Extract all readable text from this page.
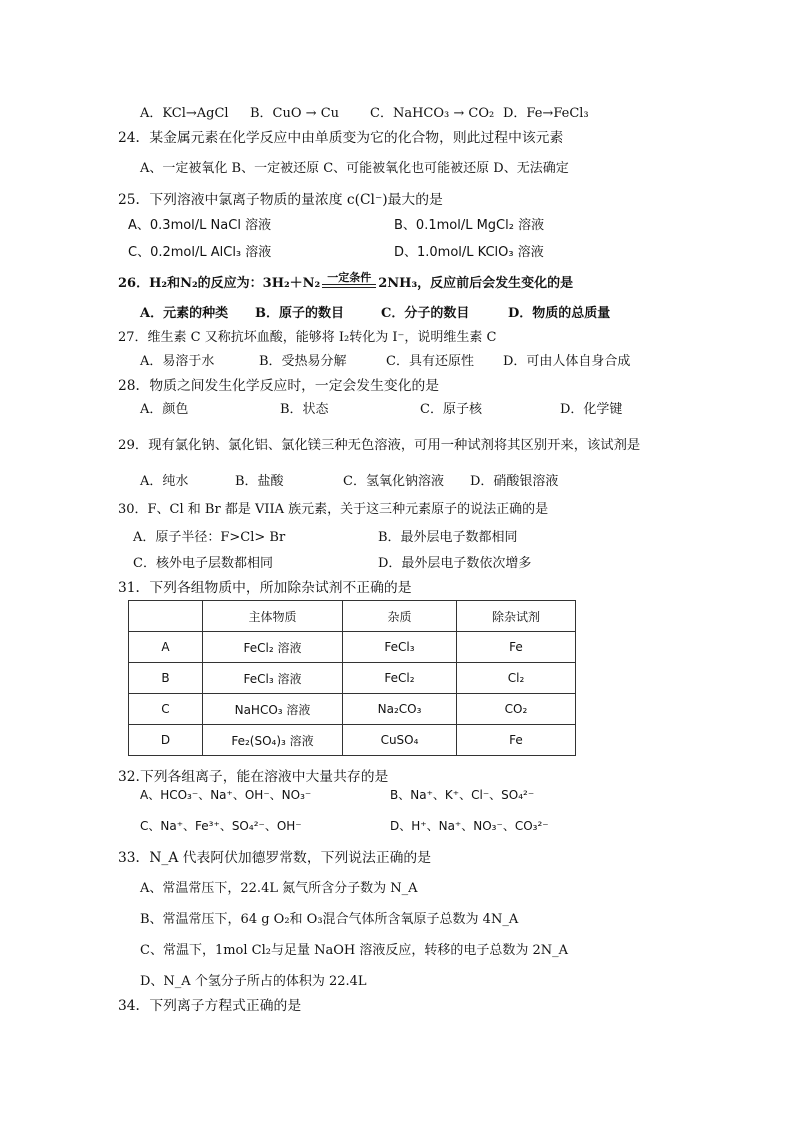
A．KCl→AgCl B．CuO → Cu C．NaHCO₃ → CO₂ D．Fe→FeCl₃
24．某金属元素在化学反应中由单质变为它的化合物，则此过程中该元素
A、一定被氧化 B、一定被还原 C、可能被氧化也可能被还原 D、无法确定
25．下列溶液中氯离子物质的量浓度 c(Cl⁻)最大的是
A、0.3mol/L NaCl 溶液	B、0.1mol/L MgCl₂ 溶液
C、0.2mol/L AlCl₃ 溶液	D、1.0mol/L KClO₃ 溶液
26．H₂和N₂的反应为：3H₂＋N₂ 一定条件 2NH₃，反应前后会发生变化的是
A．元素的种类 B．原子的数目	C．分子的数目	D．物质的总质量
27．维生素 C 又称抗坏血酸，能够将 I₂转化为 I⁻，说明维生素 C
A．易溶于水	B．受热易分解	C．具有还原性 D．可由人体自身合成
28．物质之间发生化学反应时，一定会发生变化的是
A．颜色	B．状态	C．原子核	D．化学键
29．现有氯化钠、氯化铝、氯化镁三种无色溶液，可用一种试剂将其区别开来，该试剂是
A．纯水	B．盐酸	C．氢氧化钠溶液 D．硝酸银溶液
30．F、Cl 和 Br 都是 VIIA 族元素，关于这三种元素原子的说法正确的是
A．原子半径：F>Cl> Br	B．最外层电子数都相同
C．核外电子层数都相同	D．最外层电子数依次增多
31．下列各组物质中，所加除杂试剂不正确的是
	主体物质	杂质	除杂试剂
A	FeCl₂ 溶液	FeCl₃	Fe
B	FeCl₃ 溶液	FeCl₂	Cl₂
C	NaHCO₃ 溶液	Na₂CO₃	CO₂
D	Fe₂(SO₄)₃ 溶液	CuSO₄	Fe
32.下列各组离子，能在溶液中大量共存的是
A、HCO₃⁻、Na⁺、OH⁻、NO₃⁻	B、Na⁺、K⁺、Cl⁻、SO₄²⁻
C、Na⁺、Fe³⁺、SO₄²⁻、OH⁻	D、H⁺、Na⁺、NO₃⁻、CO₃²⁻
33．N_A 代表阿伏加德罗常数，下列说法正确的是
A、常温常压下，22.4L 氮气所含分子数为 N_A
B、常温常压下，64 g O₂和 O₃混合气体所含氧原子总数为 4N_A
C、常温下，1mol Cl₂与足量 NaOH 溶液反应，转移的电子总数为 2N_A
D、N_A 个氢分子所占的体积为 22.4L
34．下列离子方程式正确的是
